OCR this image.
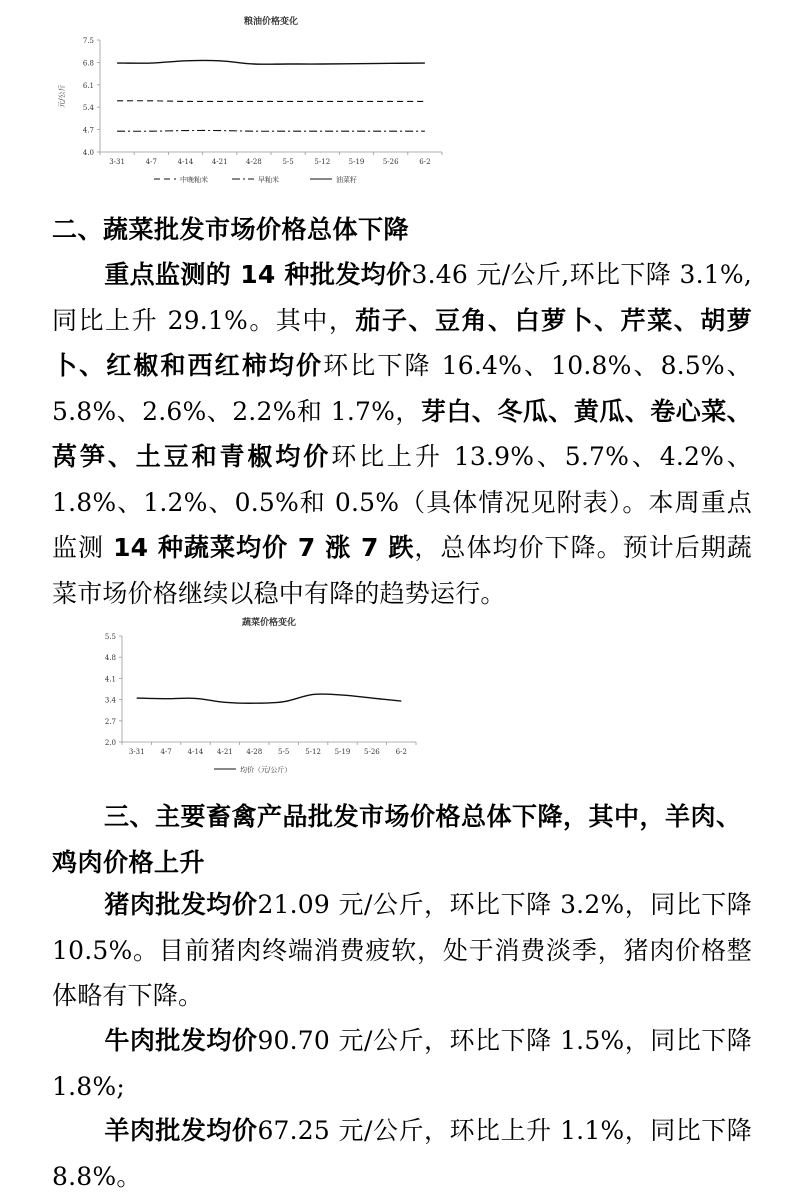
粮油价格变化
4.0
4.7
5.4
6.1
6.8
7.5
3-31	4-7	4-14	4-21	4-28	5-5	5-12	5-19	5-26	6-2
元/公斤
中晚籼米	早籼米	油菜籽
二、蔬菜批发市场价格总体下降

重点监测的 14 种批发均价3.46 元/公斤,环比下降 3.1%,同比上升 29.1%。其中，茄子、豆角、白萝卜、芹菜、胡萝卜、红椒和西红柿均价环比下降 16.4%、10.8%、8.5%、5.8%、2.6%、2.2%和 1.7%，芽白、冬瓜、黄瓜、卷心菜、莴笋、土豆和青椒均价环比上升 13.9%、5.7%、4.2%、1.8%、1.2%、0.5%和 0.5%（具体情况见附表）。本周重点监测 14 种蔬菜均价 7 涨 7 跌，总体均价下降。预计后期蔬菜市场价格继续以稳中有降的趋势运行。

蔬菜价格变化
2.0
2.7
3.4
4.1
4.8
5.5
3-31 4-7 4-14 4-21 4-28 5-5 5-12 5-19 5-26 6-2
均价（元/公斤）
三、主要畜禽产品批发市场价格总体下降，其中，羊肉、鸡肉价格上升

猪肉批发均价21.09 元/公斤，环比下降 3.2%，同比下降 10.5%。目前猪肉终端消费疲软，处于消费淡季，猪肉价格整体略有下降。

牛肉批发均价90.70 元/公斤，环比下降 1.5%，同比下降 1.8%;

羊肉批发均价67.25 元/公斤，环比上升 1.1%，同比下降 8.8%。
